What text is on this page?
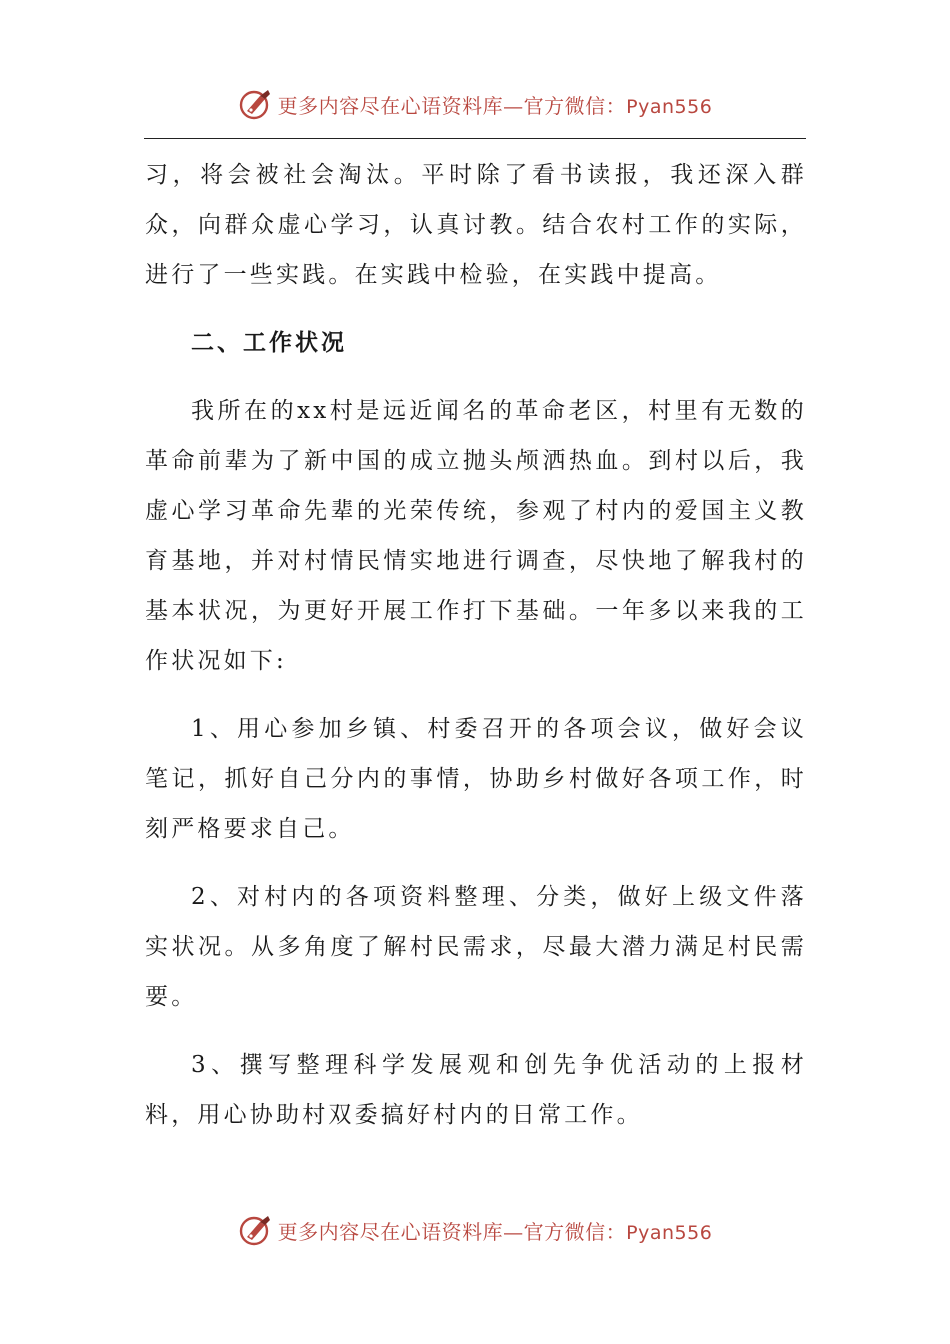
更多内容尽在心语资料库—官方微信：Pyan556

习，将会被社会淘汰。平时除了看书读报，我还深入群众，向群众虚心学习，认真讨教。结合农村工作的实际，进行了一些实践。在实践中检验，在实践中提高。

二、工作状况

我所在的xx村是远近闻名的革命老区，村里有无数的革命前辈为了新中国的成立抛头颅洒热血。到村以后，我虚心学习革命先辈的光荣传统，参观了村内的爱国主义教育基地，并对村情民情实地进行调查，尽快地了解我村的基本状况，为更好开展工作打下基础。一年多以来我的工作状况如下:

1、用心参加乡镇、村委召开的各项会议，做好会议笔记，抓好自己分内的事情，协助乡村做好各项工作，时刻严格要求自己。

2、对村内的各项资料整理、分类，做好上级文件落实状况。从多角度了解村民需求，尽最大潜力满足村民需要。

3、撰写整理科学发展观和创先争优活动的上报材料，用心协助村双委搞好村内的日常工作。

更多内容尽在心语资料库—官方微信：Pyan556
